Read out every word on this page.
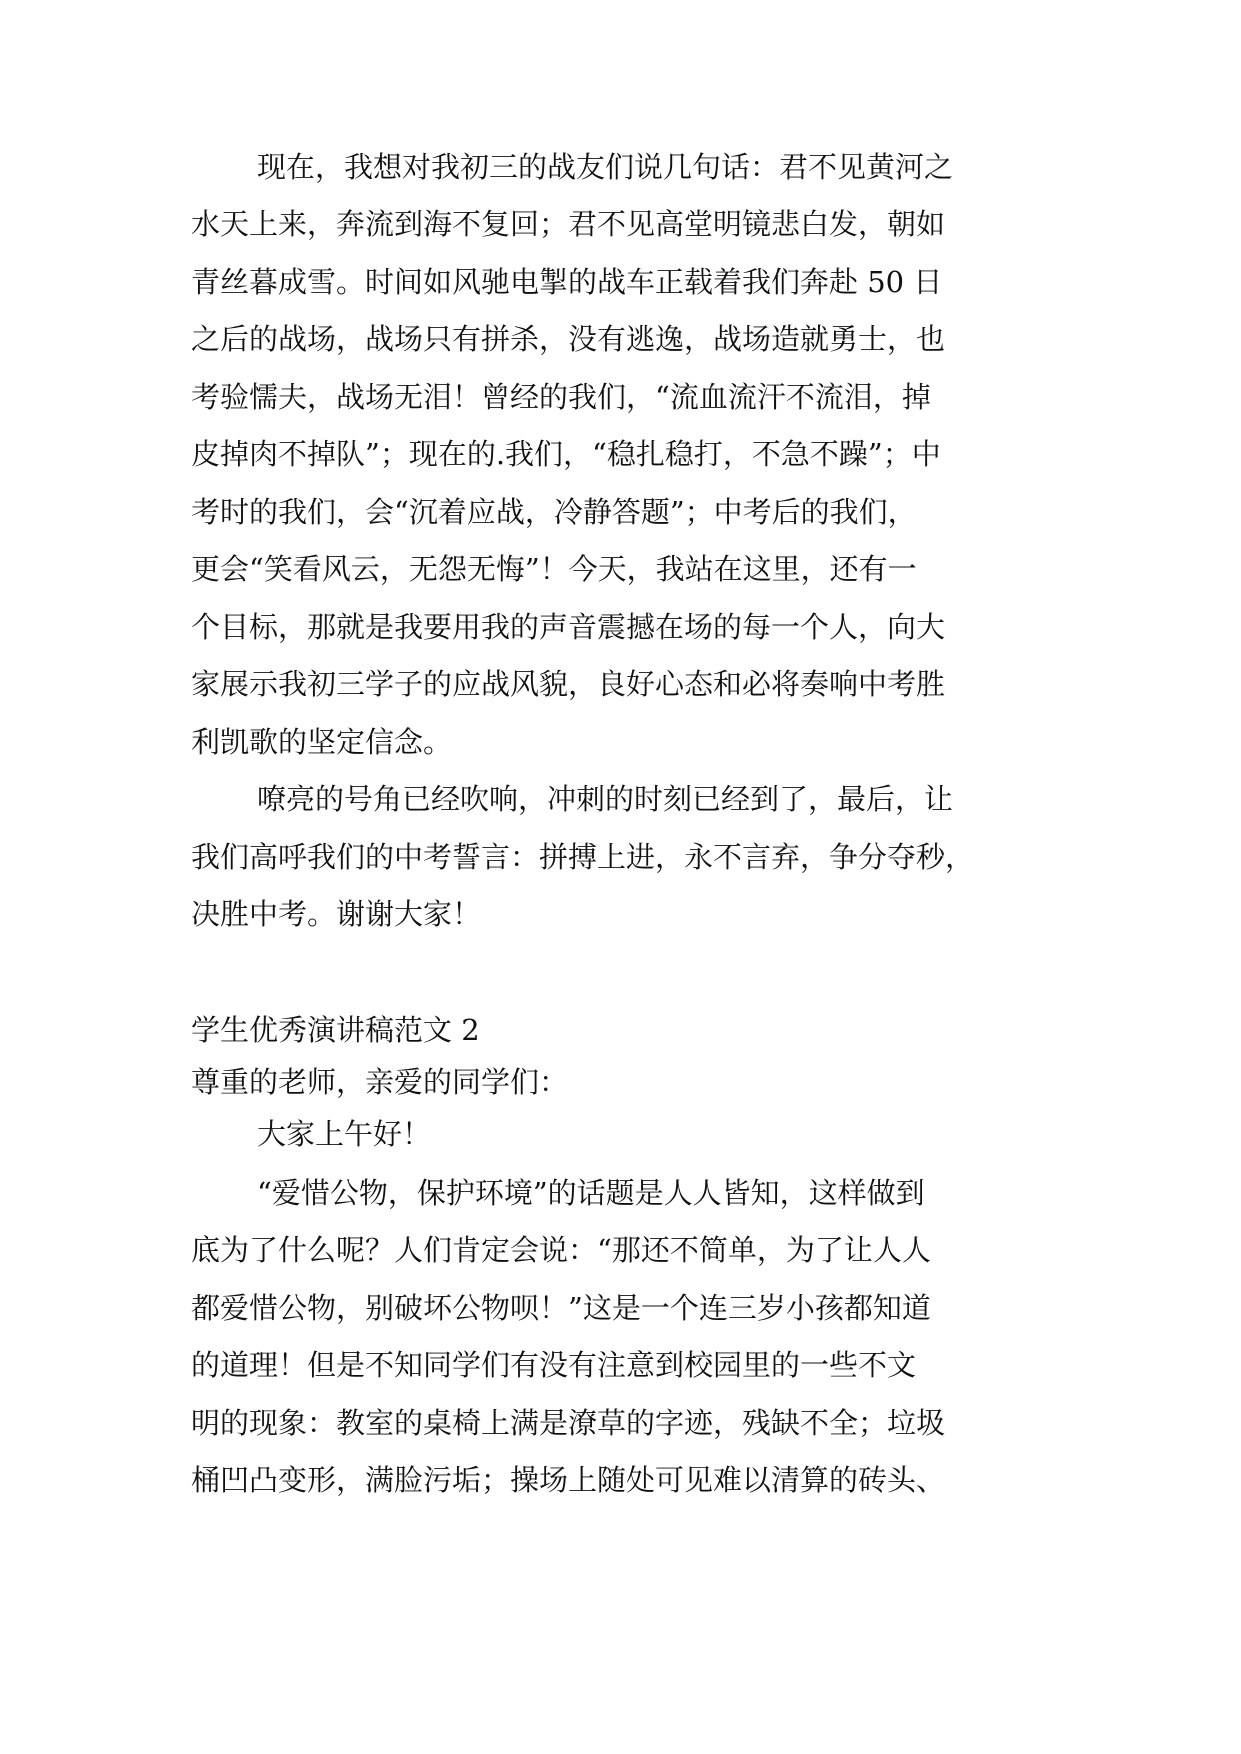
现在，我想对我初三的战友们说几句话：君不见黄河之
水天上来，奔流到海不复回；君不见高堂明镜悲白发，朝如
青丝暮成雪。时间如风驰电掣的战车正载着我们奔赴 50 日
之后的战场，战场只有拼杀，没有逃逸，战场造就勇士，也
考验懦夫，战场无泪！曾经的我们，“流血流汗不流泪，掉
皮掉肉不掉队”；现在的.我们，“稳扎稳打，不急不躁”；中
考时的我们，会“沉着应战，冷静答题”；中考后的我们，
更会“笑看风云，无怨无悔”！今天，我站在这里，还有一
个目标，那就是我要用我的声音震撼在场的每一个人，向大
家展示我初三学子的应战风貌，良好心态和必将奏响中考胜
利凯歌的坚定信念。
嘹亮的号角已经吹响，冲刺的时刻已经到了，最后，让
我们高呼我们的中考誓言：拼搏上进，永不言弃，争分夺秒，
决胜中考。谢谢大家！
学生优秀演讲稿范文 2
尊重的老师，亲爱的同学们：
大家上午好！
“爱惜公物，保护环境”的话题是人人皆知，这样做到
底为了什么呢？人们肯定会说：“那还不简单，为了让人人
都爱惜公物，别破坏公物呗！”这是一个连三岁小孩都知道
的道理！但是不知同学们有没有注意到校园里的一些不文
明的现象：教室的桌椅上满是潦草的字迹，残缺不全；垃圾
桶凹凸变形，满脸污垢；操场上随处可见难以清算的砖头、
